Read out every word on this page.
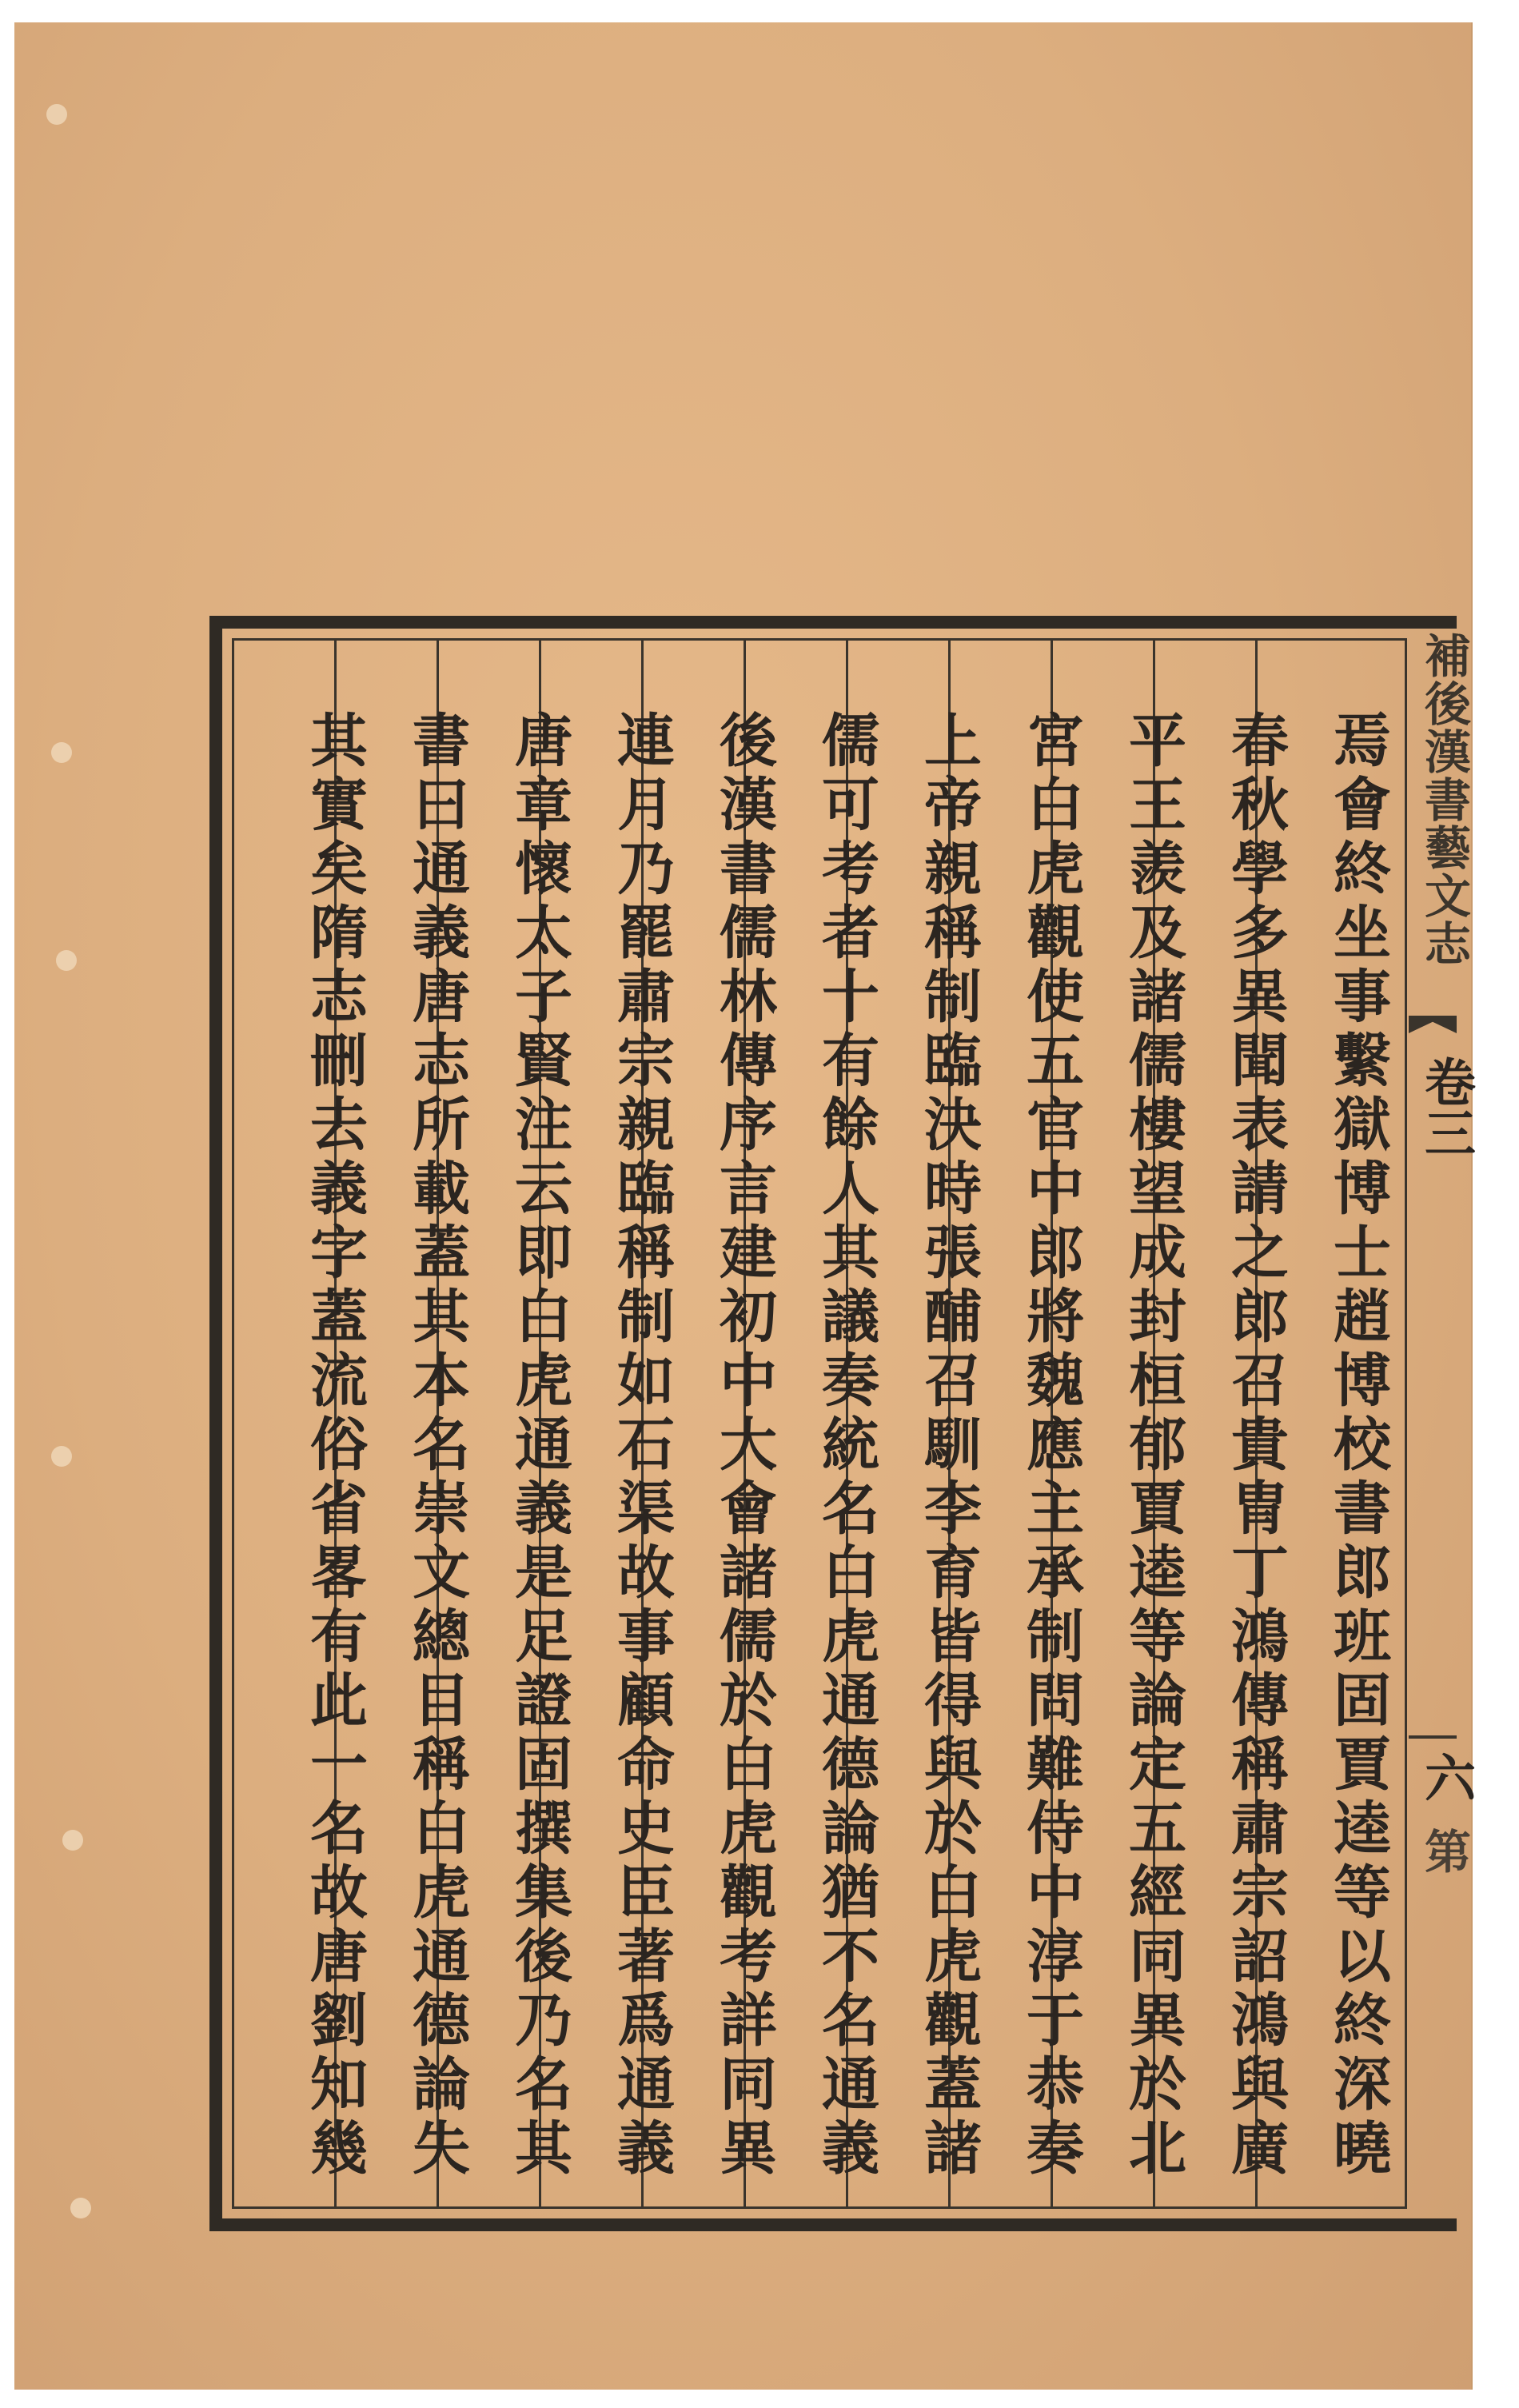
焉會終坐事繫獄博士趙博校書郎班固賈逵等以終深曉
春秋學多異聞表請之郎召貴冑丁鴻傳稱肅宗詔鴻與廣
平王羨及諸儒樓望成封桓郁賈逵等論定五經同異於北
宮白虎觀使五官中郎將魏應主承制問難侍中淳于恭奏
上帝親稱制臨決時張酺召馴李育皆得與於白虎觀蓋諸
儒可考者十有餘人其議奏統名白虎通德論猶不名通義
後漢書儒林傳序言建初中大會諸儒於白虎觀考詳同異
連月乃罷肅宗親臨稱制如石渠故事顧命史臣著爲通義
唐章懷太子賢注云即白虎通義是足證固撰集後乃名其
書曰通義唐志所載蓋其本名崇文總目稱白虎通德論失
其實矣隋志刪去義字蓋流俗省畧有此一名故唐劉知幾	補後漢書藝文志
卷三
六
第
